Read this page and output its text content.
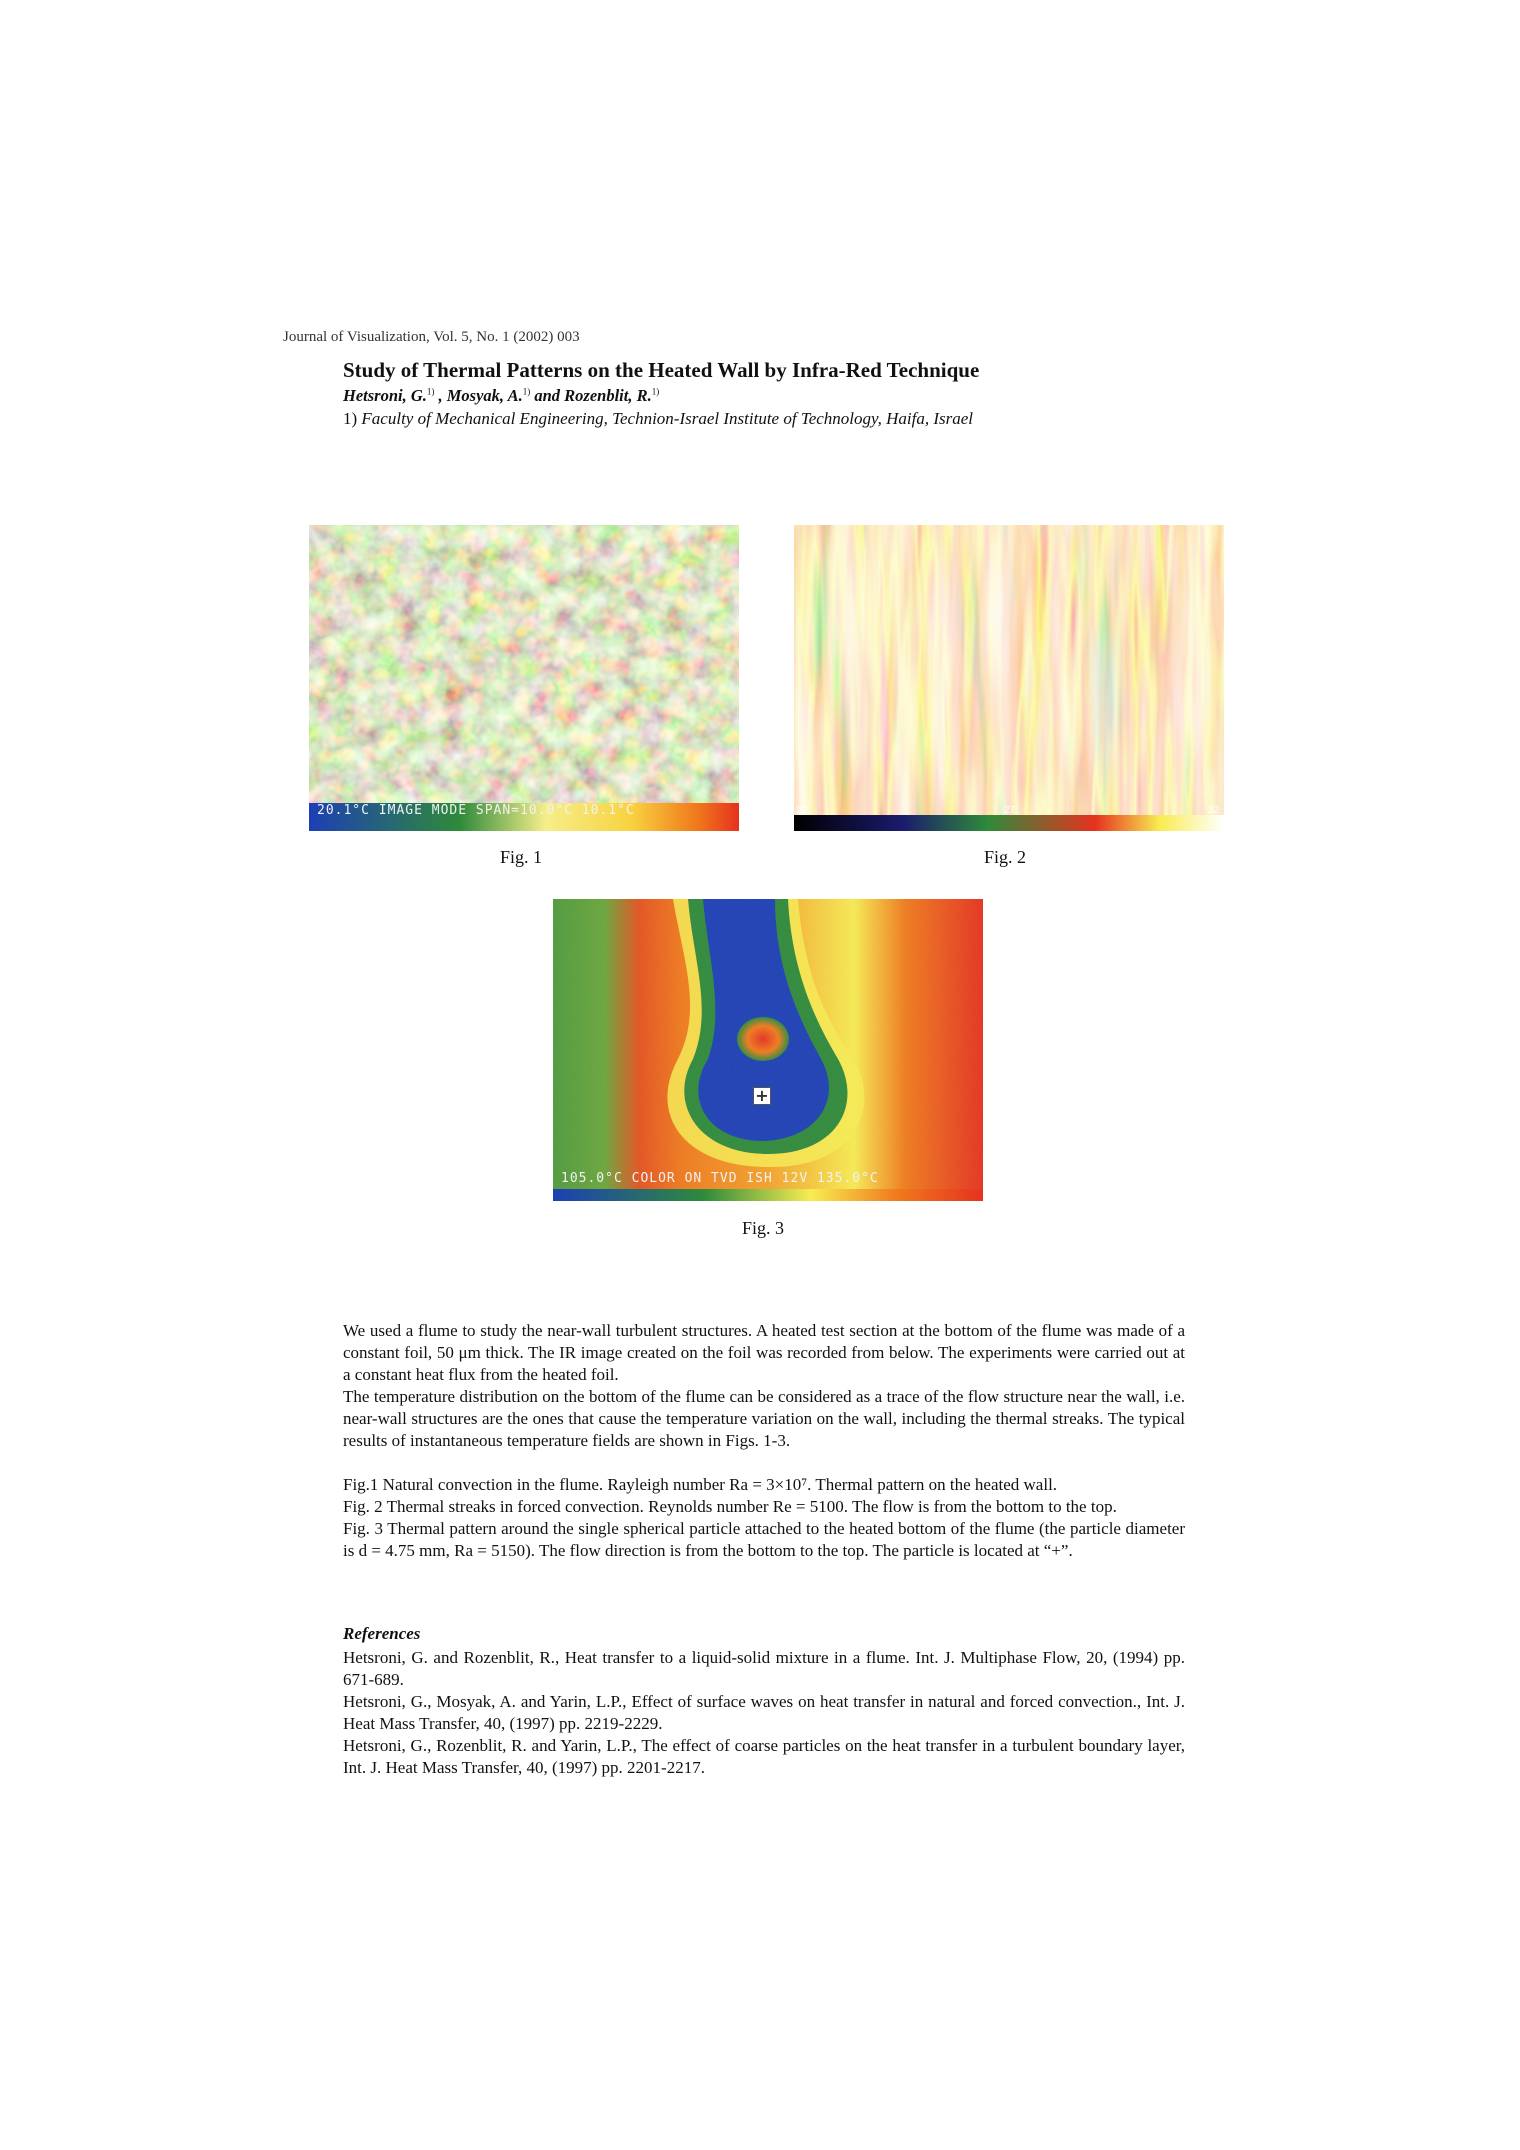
Journal of Visualization, Vol. 5, No. 1 (2002) 003
Study of Thermal Patterns on the Heated Wall by Infra-Red Technique
Hetsroni, G.$^{1)}$ , Mosyak, A.$^{1)}$ and Rozenblit, R.$^{1)}$
1) Faculty of Mechanical Engineering, Technion-Israel Institute of Technology, Haifa, Israel
20.1°C IMAGE MODE SPAN=10.0°C 10.1°C
Fig. 1
22	27	32
Fig. 2
+
105.0°C COLOR ON TVD ISH 12V 135.0°C
Fig. 3

We used a flume to study the near-wall turbulent structures. A heated test section at the bottom of the flume was made of a constant foil, 50 μm thick. The IR image created on the foil was recorded from below. The experiments were carried out at a constant heat flux from the heated foil.

The temperature distribution on the bottom of the flume can be considered as a trace of the flow structure near the wall, i.e. near-wall structures are the ones that cause the temperature variation on the wall, including the thermal streaks. The typical results of instantaneous temperature fields are shown in Figs. 1-3.

Fig.1 Natural convection in the flume. Rayleigh number Ra = 3×10⁷. Thermal pattern on the heated wall.

Fig. 2 Thermal streaks in forced convection. Reynolds number Re = 5100. The flow is from the bottom to the top.

Fig. 3 Thermal pattern around the single spherical particle attached to the heated bottom of the flume (the particle diameter is d = 4.75 mm, Ra = 5150). The flow direction is from the bottom to the top. The particle is located at “+”.

References

Hetsroni, G. and Rozenblit, R., Heat transfer to a liquid-solid mixture in a flume. Int. J. Multiphase Flow, 20, (1994) pp. 671-689.

Hetsroni, G., Mosyak, A. and Yarin, L.P., Effect of surface waves on heat transfer in natural and forced convection., Int. J. Heat Mass Transfer, 40, (1997) pp. 2219-2229.

Hetsroni, G., Rozenblit, R. and Yarin, L.P., The effect of coarse particles on the heat transfer in a turbulent boundary layer, Int. J. Heat Mass Transfer, 40, (1997) pp. 2201-2217.
